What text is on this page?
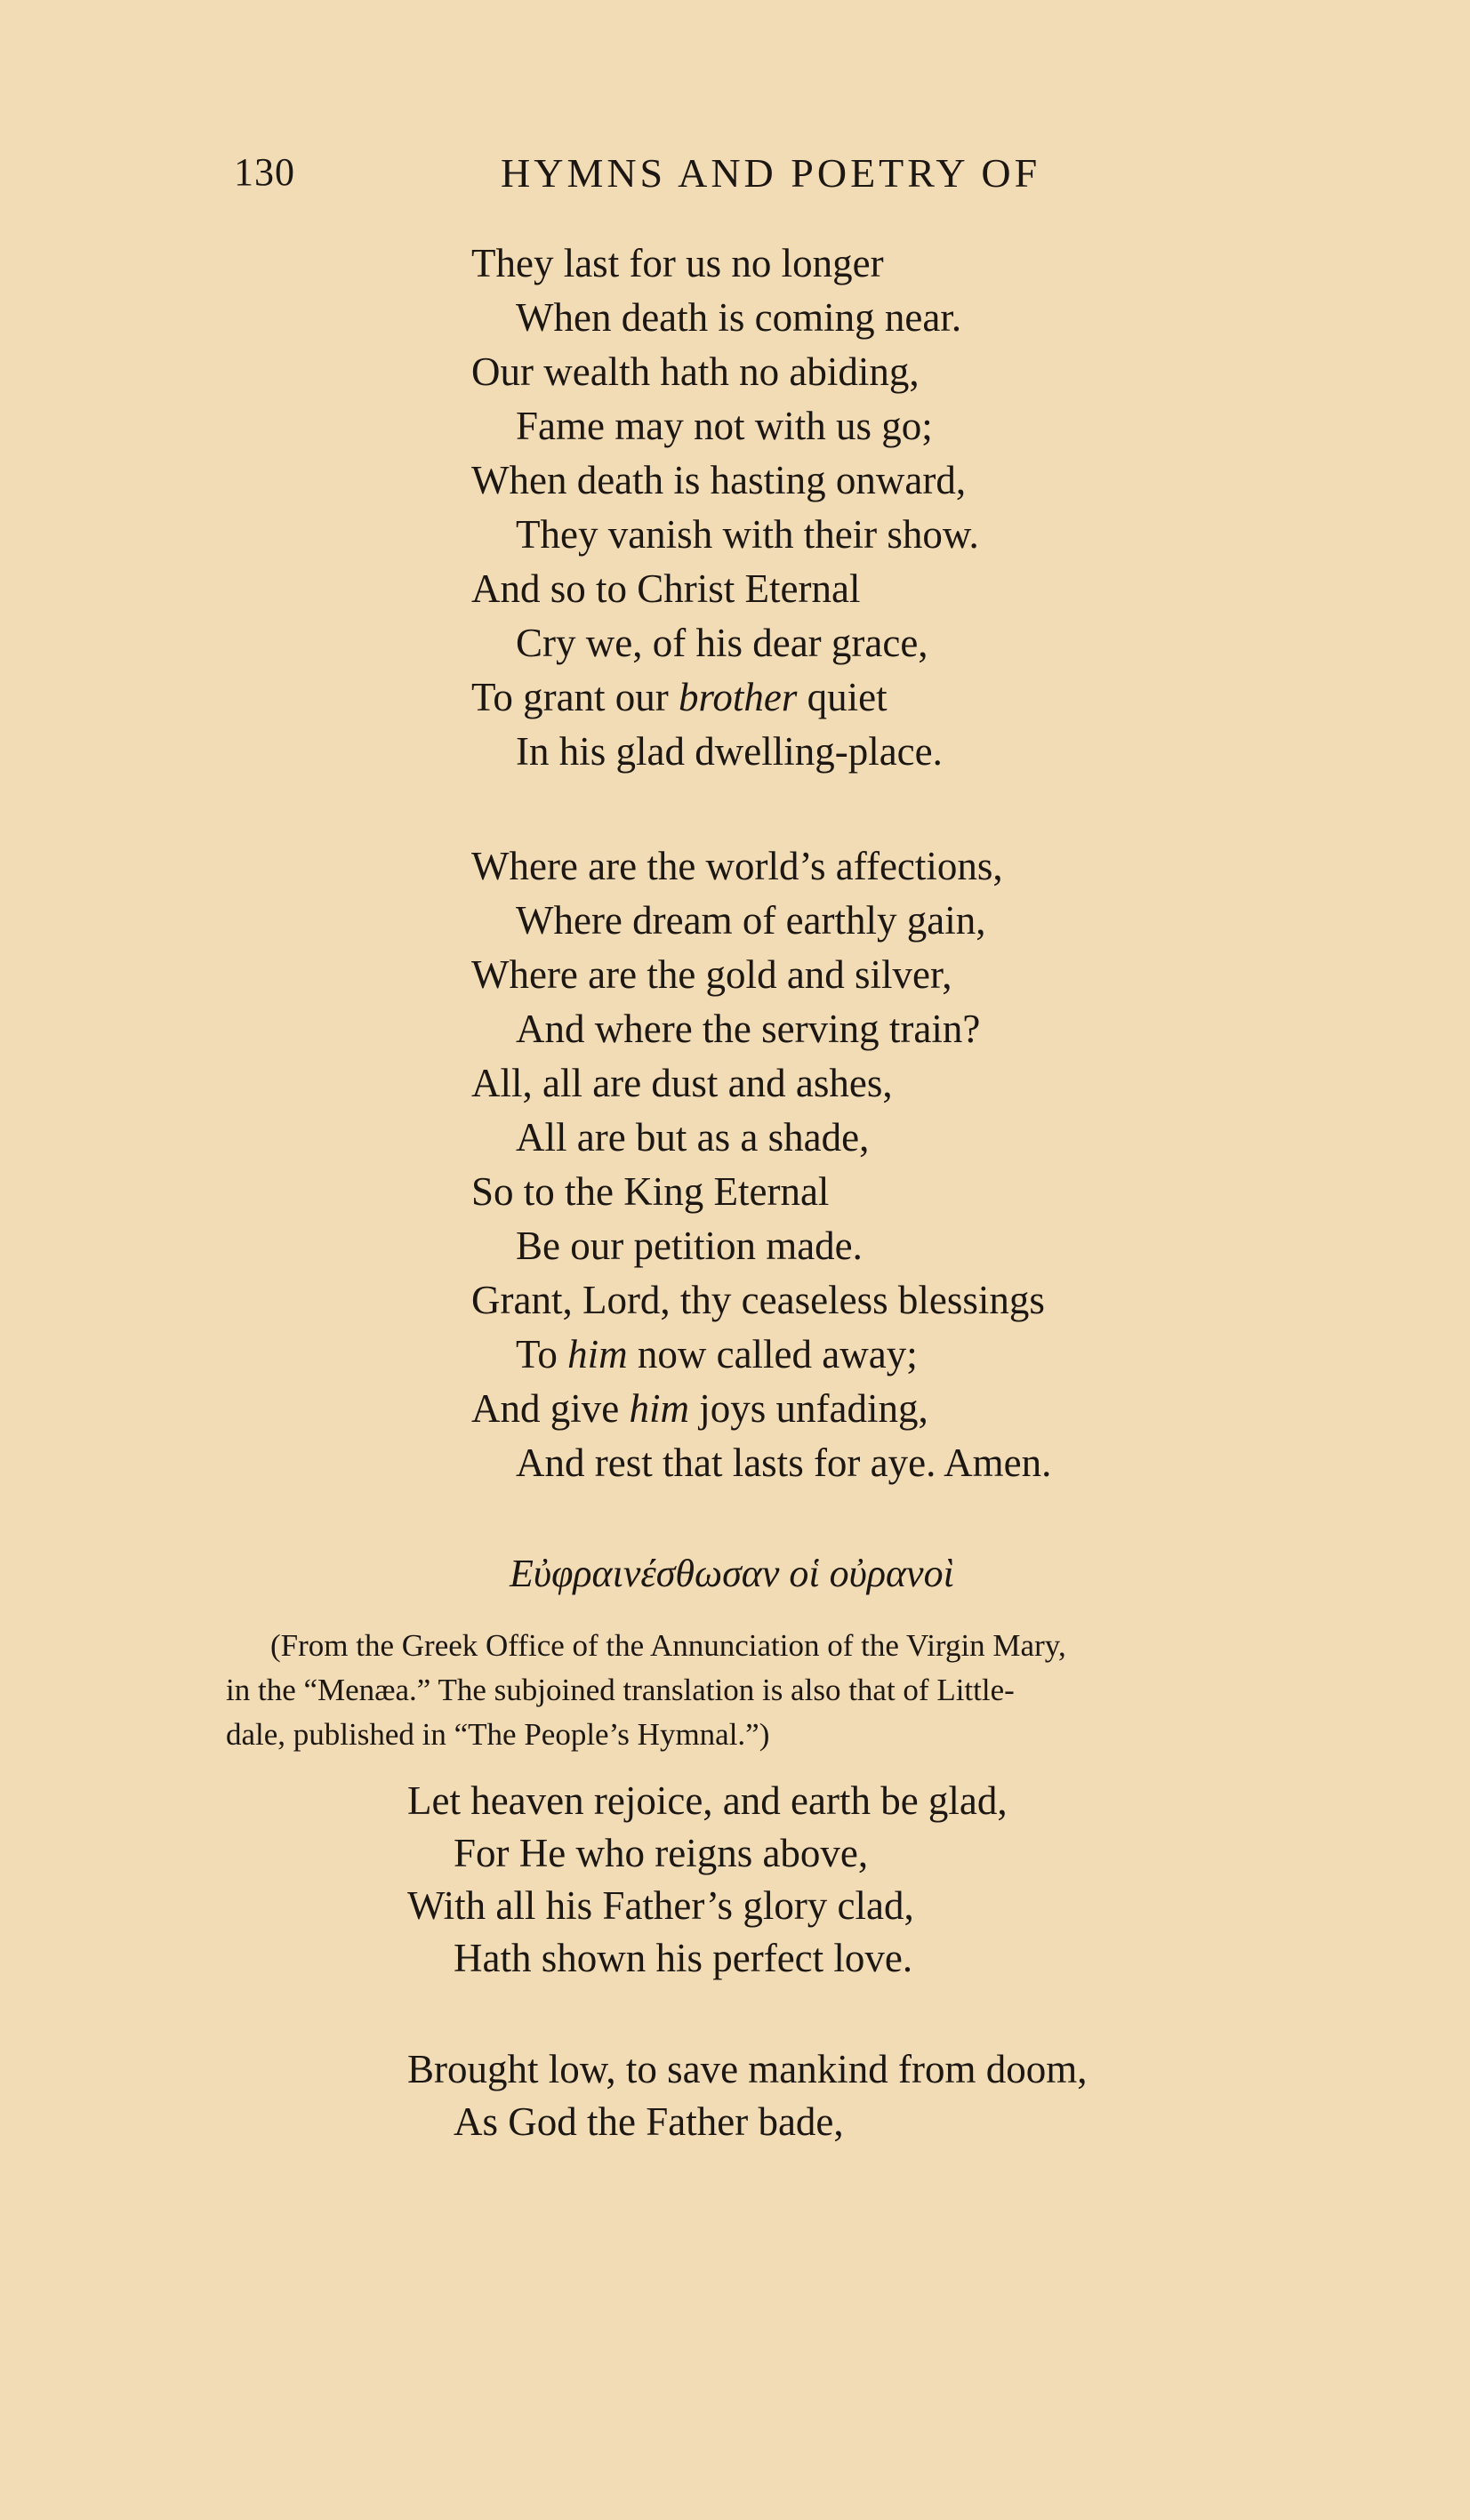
130	HYMNS AND POETRY OF
They last for us no longer
When death is coming near.
Our wealth hath no abiding,
Fame may not with us go;
When death is hasting onward,
They vanish with their show.
And so to Christ Eternal
Cry we, of his dear grace,
To grant our brother quiet
In his glad dwelling-place.
Where are the world’s affections,
Where dream of earthly gain,
Where are the gold and silver,
And where the serving train?
All, all are dust and ashes,
All are but as a shade,
So to the King Eternal
Be our petition made.
Grant, Lord, thy ceaseless blessings
To him now called away;
And give him joys unfading,
And rest that lasts for aye. Amen.
Εὐφραινέσθωσαν οἱ οὐρανοὶ
(From the Greek Office of the Annunciation of the Virgin Mary,
in the “Menæa.” The subjoined translation is also that of Little-
dale, published in “The People’s Hymnal.”)
Let heaven rejoice, and earth be glad,
For He who reigns above,
With all his Father’s glory clad,
Hath shown his perfect love.
Brought low, to save mankind from doom,
As God the Father bade,
